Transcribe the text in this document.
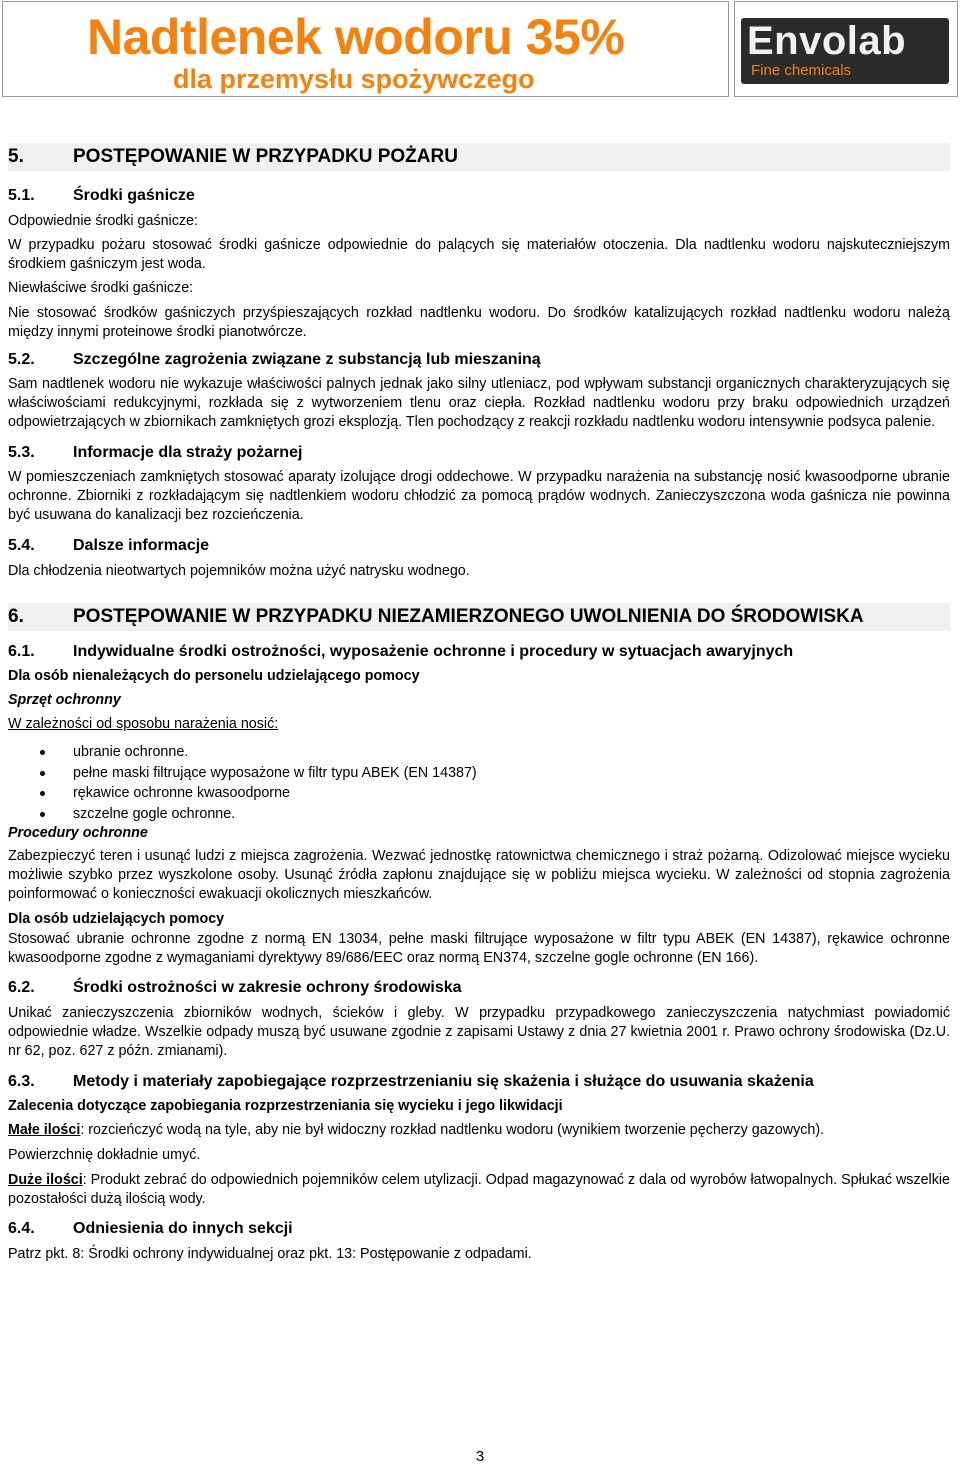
Nadtlenek wodoru 35%
dla przemysłu spożywczego
Envolab
Fine chemicals
5.	POSTĘPOWANIE W PRZYPADKU POŻARU
5.1. Środki gaśnicze
Odpowiednie środki gaśnicze:

W przypadku pożaru stosować środki gaśnicze odpowiednie do palących się materiałów otoczenia. Dla nadtlenku wodoru najskuteczniejszym środkiem gaśniczym jest woda.

Niewłaściwe środki gaśnicze:

Nie stosować środków gaśniczych przyśpieszających rozkład nadtlenku wodoru. Do środków katalizujących rozkład nadtlenku wodoru należą między innymi proteinowe środki pianotwórcze.

5.2. Szczególne zagrożenia związane z substancją lub mieszaniną

Sam nadtlenek wodoru nie wykazuje właściwości palnych jednak jako silny utleniacz, pod wpływam substancji organicznych charakteryzujących się właściwościami redukcyjnymi, rozkłada się z wytworzeniem tlenu oraz ciepła. Rozkład nadtlenku wodoru przy braku odpowiednich urządzeń odpowietrzających w zbiornikach zamkniętych grozi eksplozją. Tlen pochodzący z reakcji rozkładu nadtlenku wodoru intensywnie podsyca palenie.

5.3. Informacje dla straży pożarnej

W pomieszczeniach zamkniętych stosować aparaty izolujące drogi oddechowe. W przypadku narażenia na substancję nosić kwasoodporne ubranie ochronne. Zbiorniki z rozkładającym się nadtlenkiem wodoru chłodzić za pomocą prądów wodnych. Zanieczyszczona woda gaśnicza nie powinna być usuwana do kanalizacji bez rozcieńczenia.

5.4. Dalsze informacje

Dla chłodzenia nieotwartych pojemników można użyć natrysku wodnego.

6.	POSTĘPOWANIE W PRZYPADKU NIEZAMIERZONEGO UWOLNIENIA DO ŚRODOWISKA
6.1. Indywidualne środki ostrożności, wyposażenie ochronne i procedury w sytuacjach awaryjnych
Dla osób nienależących do personelu udzielającego pomocy
Sprzęt ochronny
W zależności od sposobu narażenia nosić:
ubranie ochronne.
pełne maski filtrujące wyposażone w filtr typu ABEK (EN 14387)
rękawice ochronne kwasoodporne
szczelne gogle ochronne.
Procedury ochronne

Zabezpieczyć teren i usunąć ludzi z miejsca zagrożenia. Wezwać jednostkę ratownictwa chemicznego i straż pożarną. Odizolować miejsce wycieku możliwie szybko przez wyszkolone osoby. Usunąć źródła zapłonu znajdujące się w pobliżu miejsca wycieku. W zależności od stopnia zagrożenia poinformować o konieczności ewakuacji okolicznych mieszkańców.

Dla osób udzielających pomocy

Stosować ubranie ochronne zgodne z normą EN 13034, pełne maski filtrujące wyposażone w filtr typu ABEK (EN 14387), rękawice ochronne kwasoodporne zgodne z wymaganiami dyrektywy 89/686/EEC oraz normą EN374, szczelne gogle ochronne (EN 166).

6.2. Środki ostrożności w zakresie ochrony środowiska

Unikać zanieczyszczenia zbiorników wodnych, ścieków i gleby. W przypadku przypadkowego zanieczyszczenia natychmiast powiadomić odpowiednie władze. Wszelkie odpady muszą być usuwane zgodnie z zapisami Ustawy z dnia 27 kwietnia 2001 r. Prawo ochrony środowiska (Dz.U. nr 62, poz. 627 z późn. zmianami).

6.3. Metody i materiały zapobiegające rozprzestrzenianiu się skażenia i służące do usuwania skażenia
Zalecenia dotyczące zapobiegania rozprzestrzeniania się wycieku i jego likwidacji

Małe ilości: rozcieńczyć wodą na tyle, aby nie był widoczny rozkład nadtlenku wodoru (wynikiem tworzenie pęcherzy gazowych).

Powierzchnię dokładnie umyć.

Duże ilości: Produkt zebrać do odpowiednich pojemników celem utylizacji. Odpad magazynować z dala od wyrobów łatwopalnych. Spłukać wszelkie pozostałości dużą ilością wody.

6.4. Odniesienia do innych sekcji

Patrz pkt. 8: Środki ochrony indywidualnej oraz pkt. 13: Postępowanie z odpadami.

3
